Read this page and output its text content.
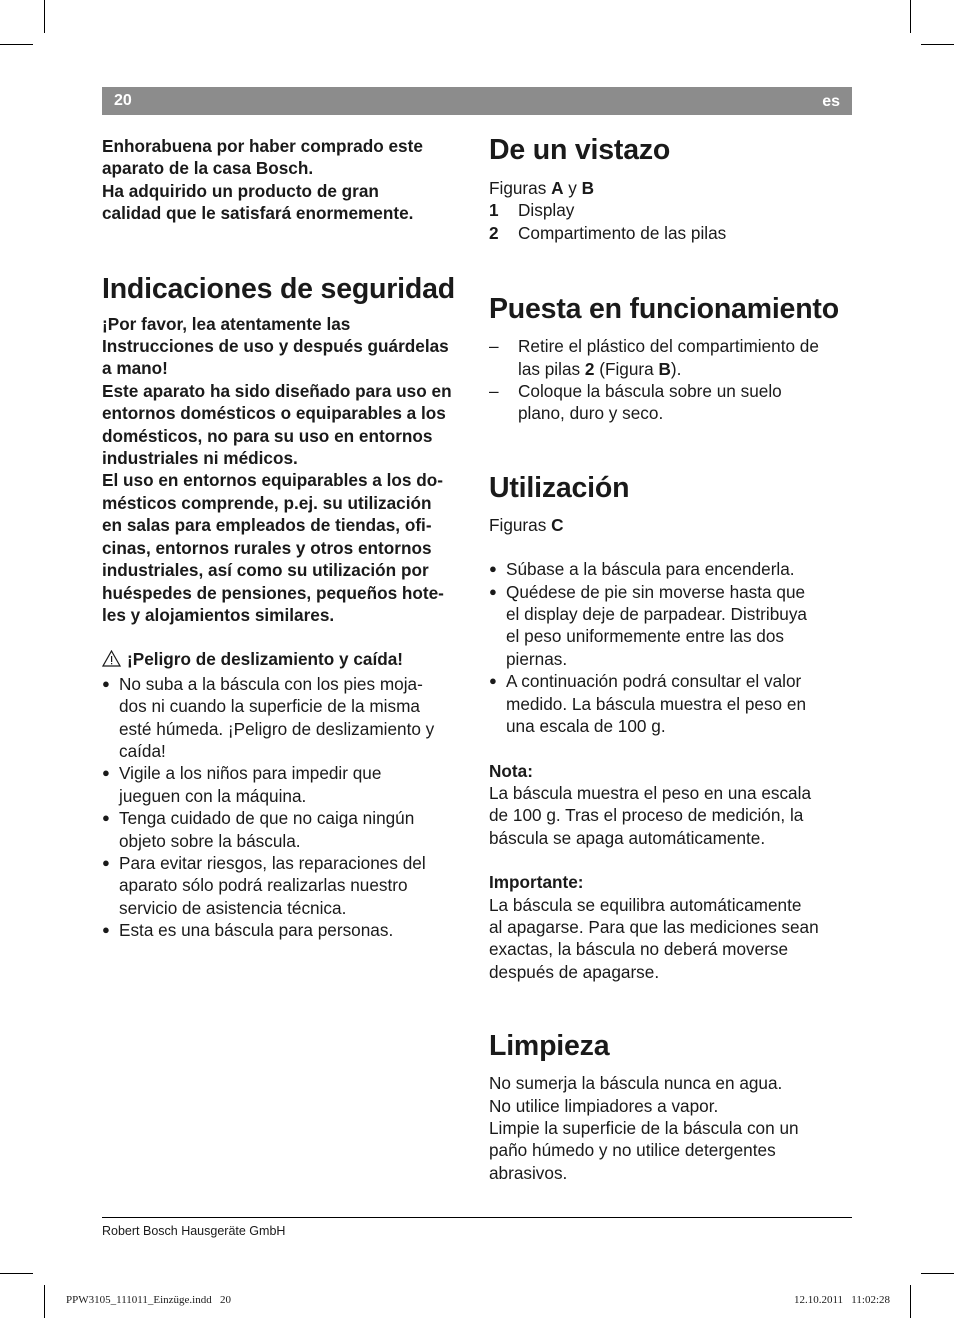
20	es
Enhorabuena por haber comprado este
aparato de la casa Bosch.
Ha adquirido un producto de gran
calidad que le satisfará enormemente.
Indicaciones de seguridad
¡Por favor, lea atentamente las
Instrucciones de uso y después guárdelas
a mano!
Este aparato ha sido diseñado para uso en
entornos domésticos o equiparables a los
domésticos, no para su uso en entornos
industriales ni médicos.
El uso en entornos equiparables a los do-
mésticos comprende, p.ej. su utilización
en salas para empleados de tiendas, ofi-
cinas, entornos rurales y otros entornos
industriales, así como su utilización por
huéspedes de pensiones, pequeños hote-
les y alojamientos similares.
¡Peligro de deslizamiento y caída!
● No suba a la báscula con los pies moja-
dos ni cuando la superficie de la misma
esté húmeda. ¡Peligro de deslizamiento y
caída!
● Vigile a los niños para impedir que
jueguen con la máquina.
● Tenga cuidado de que no caiga ningún
objeto sobre la báscula.
● Para evitar riesgos, las reparaciones del
aparato sólo podrá realizarlas nuestro
servicio de asistencia técnica.
● Esta es una báscula para personas.
De un vistazo
Figuras A y B
1 Display
2 Compartimento de las pilas
Puesta en funcionamiento
– Retire el plástico del compartimiento de
las pilas 2 (Figura B).
– Coloque la báscula sobre un suelo
plano, duro y seco.
Utilización
Figuras C
● Súbase a la báscula para encenderla.
● Quédese de pie sin moverse hasta que
el display deje de parpadear. Distribuya
el peso uniformemente entre las dos
piernas.
● A continuación podrá consultar el valor
medido. La báscula muestra el peso en
una escala de 100 g.
Nota:
La báscula muestra el peso en una escala
de 100 g. Tras el proceso de medición, la
báscula se apaga automáticamente.
Importante:
La báscula se equilibra automáticamente
al apagarse. Para que las mediciones sean
exactas, la báscula no deberá moverse
después de apagarse.
Limpieza
No sumerja la báscula nunca en agua.
No utilice limpiadores a vapor.
Limpie la superficie de la báscula con un
paño húmedo y no utilice detergentes
abrasivos.
Robert Bosch Hausgeräte GmbH
PPW3105_111011_Einzüge.indd   20	12.10.2011   11:02:28
